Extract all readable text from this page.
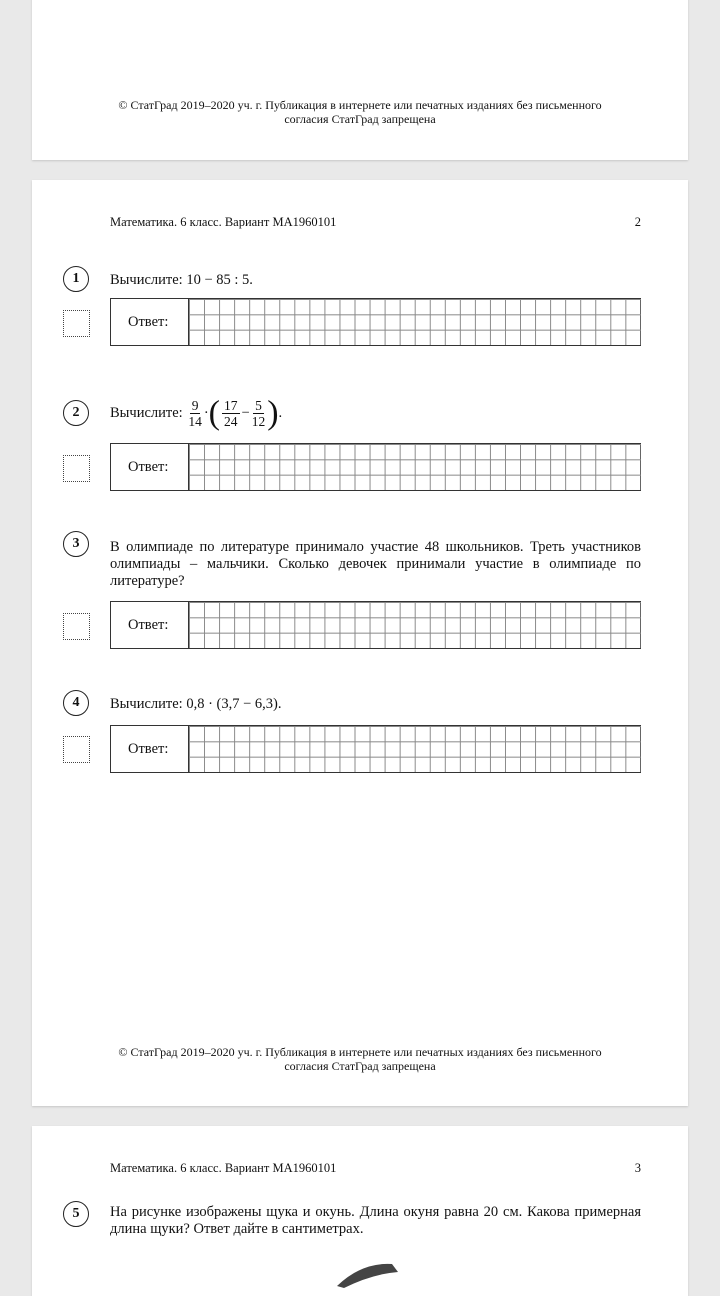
© СтатГрад 2019–2020 уч. г. Публикация в интернете или печатных изданиях без письменного
согласия СтатГрад запрещена
Математика. 6 класс. Вариант МА1960101	2
1	Вычислите: 10 − 85 : 5.
Ответ:
2	Вычислите: $\frac{9}{14}$ ·( $\frac{17}{24} - \frac{5}{12}$ ).
Ответ:
3	В олимпиаде по литературе принимало участие 48 школьников. Треть участников олимпиады – мальчики. Сколько девочек принимали участие в олимпиаде по литературе?
Ответ:
4	Вычислите: 0,8 · (3,7 − 6,3).
Ответ:
© СтатГрад 2019–2020 уч. г. Публикация в интернете или печатных изданиях без письменного
согласия СтатГрад запрещена
Математика. 6 класс. Вариант МА1960101	3
5	На рисунке изображены щука и окунь. Длина окуня равна 20 см. Какова примерная длина щуки? Ответ дайте в сантиметрах.
